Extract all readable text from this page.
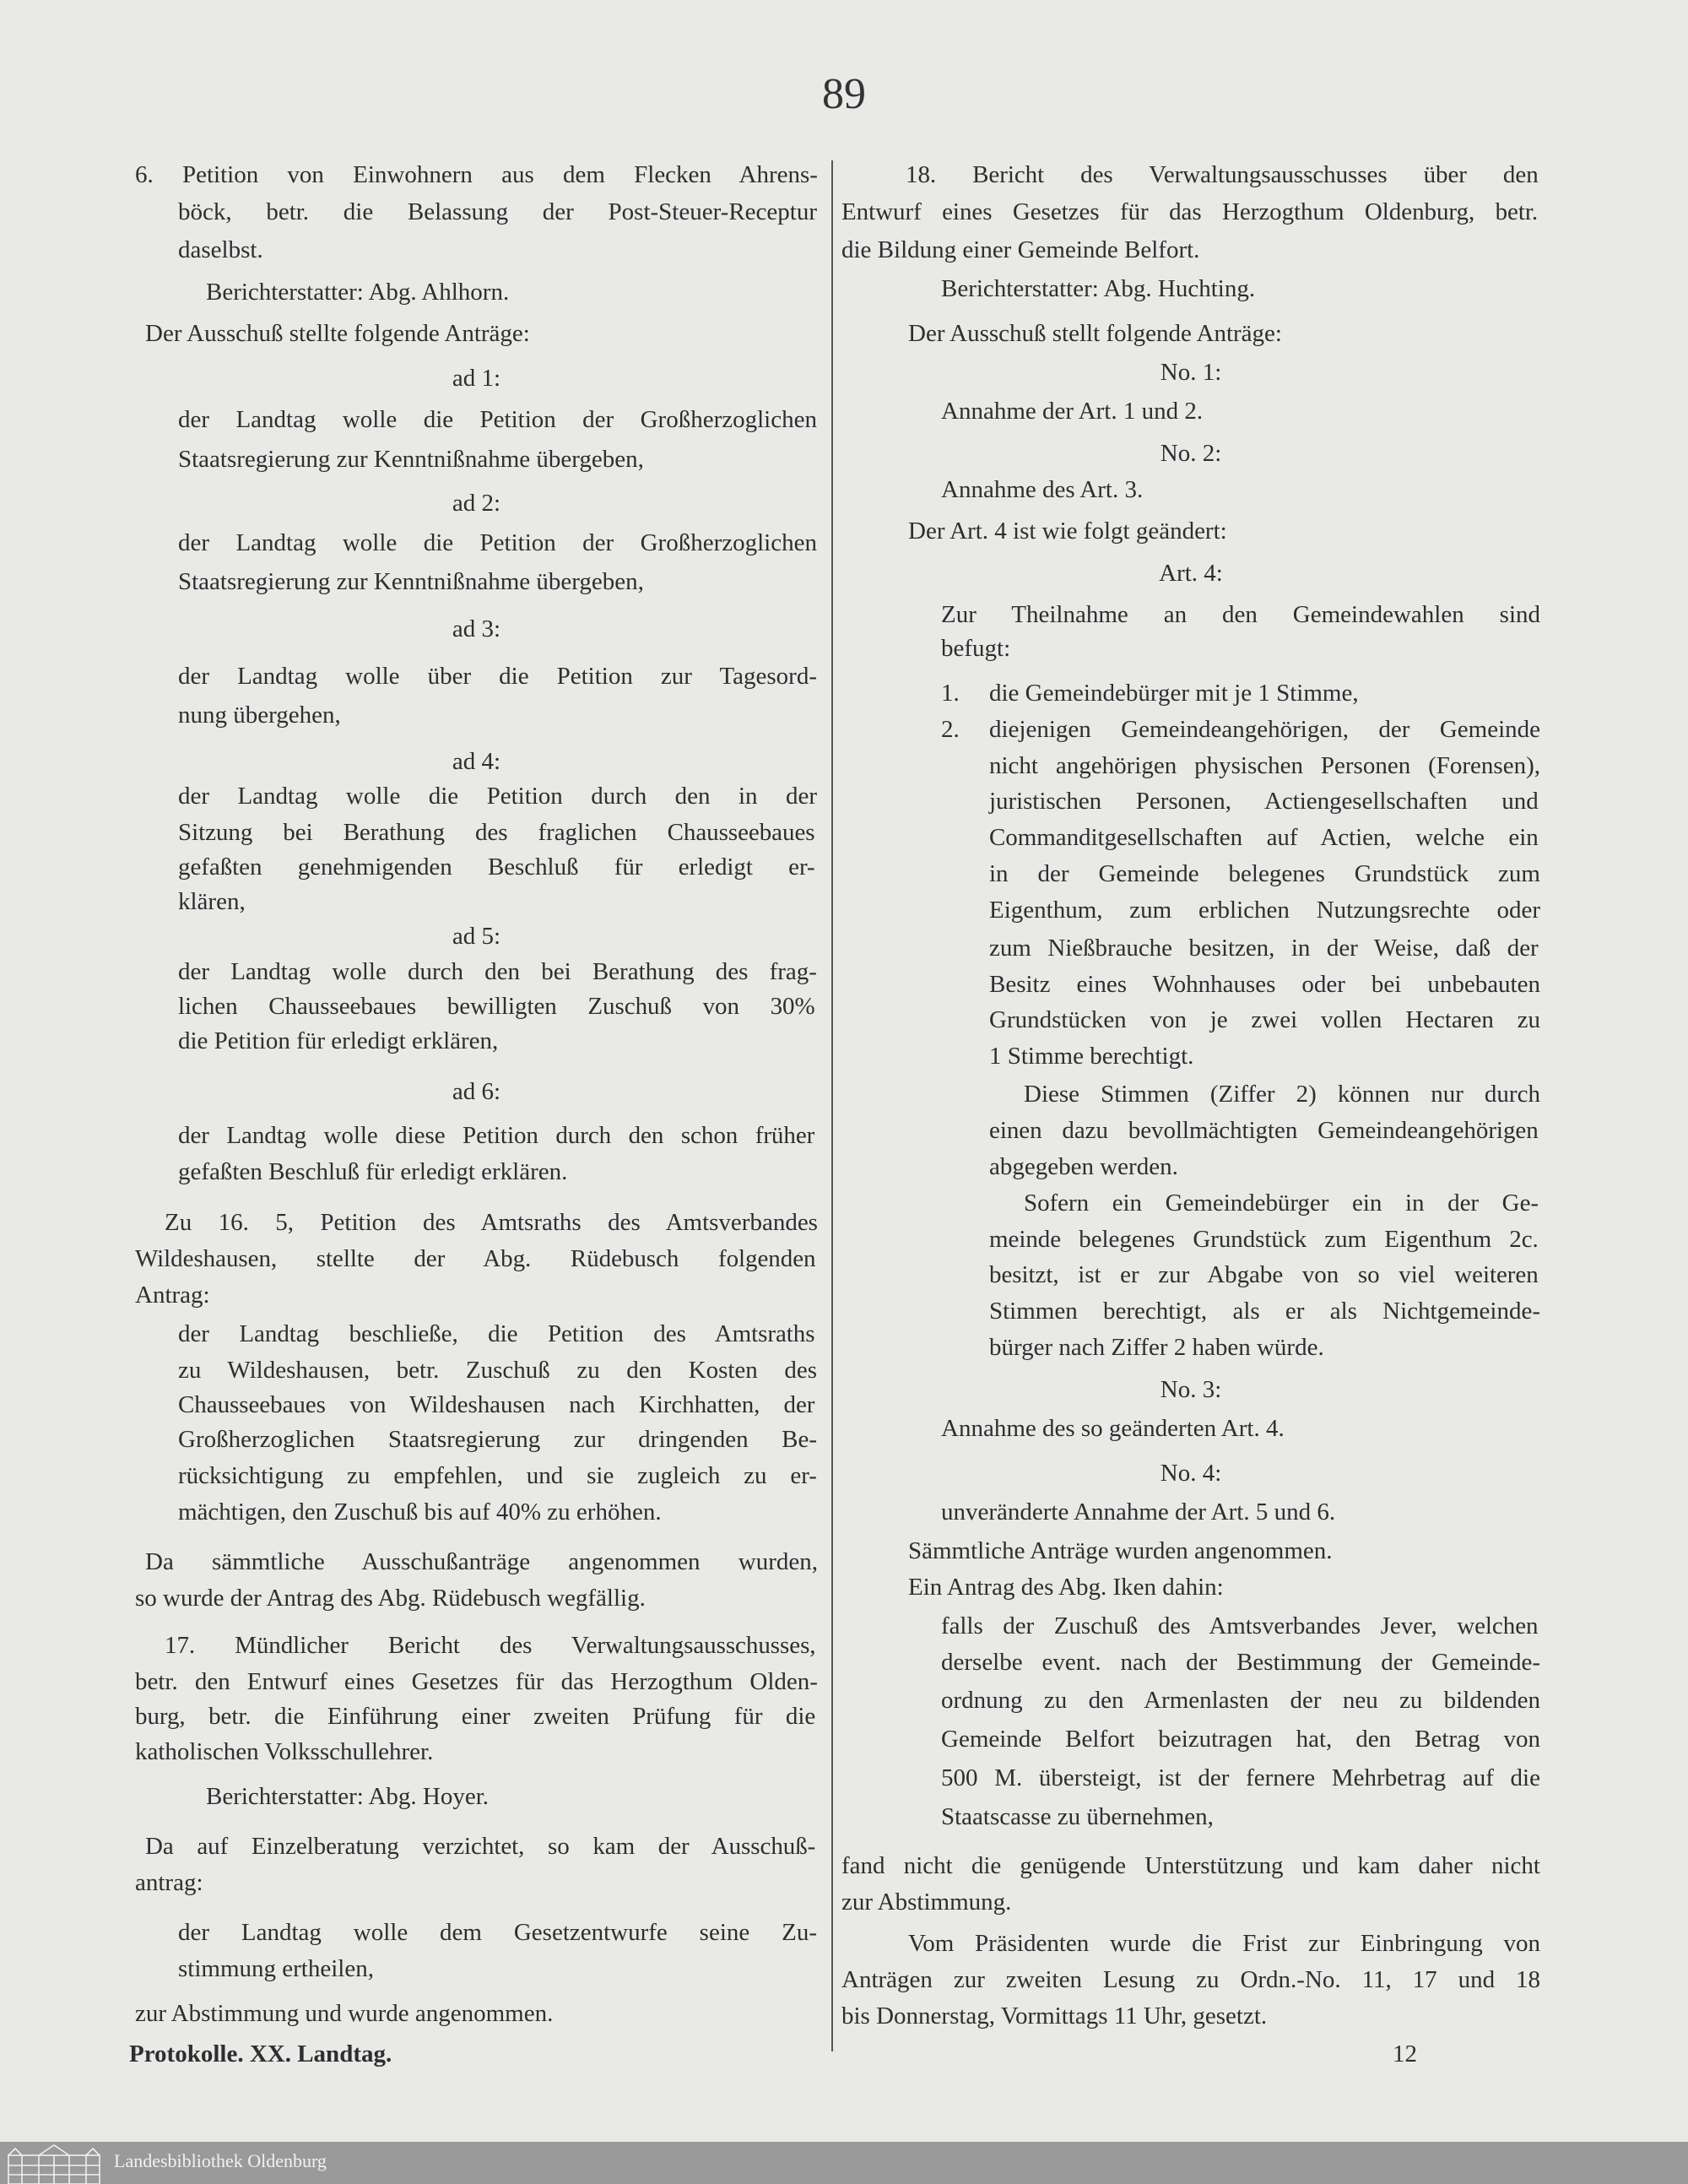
89
6. Petition von Einwohnern aus dem Flecken Ahrens-
böck, betr. die Belassung der Post-Steuer-Receptur
daselbst.
Berichterstatter: Abg. Ahlhorn.
Der Ausschuß stellte folgende Anträge:
ad 1:
der Landtag wolle die Petition der Großherzoglichen
Staatsregierung zur Kenntnißnahme übergeben,
ad 2:
der Landtag wolle die Petition der Großherzoglichen
Staatsregierung zur Kenntnißnahme übergeben,
ad 3:
der Landtag wolle über die Petition zur Tagesord-
nung übergehen,
ad 4:
der Landtag wolle die Petition durch den in der
Sitzung bei Berathung des fraglichen Chausseebaues
gefaßten genehmigenden Beschluß für erledigt er-
klären,
ad 5:
der Landtag wolle durch den bei Berathung des frag-
lichen Chausseebaues bewilligten Zuschuß von 30%
die Petition für erledigt erklären,
ad 6:
der Landtag wolle diese Petition durch den schon früher
gefaßten Beschluß für erledigt erklären.
Zu 16. 5, Petition des Amtsraths des Amtsverbandes
Wildeshausen, stellte der Abg. Rüdebusch folgenden
Antrag:
der Landtag beschließe, die Petition des Amtsraths
zu Wildeshausen, betr. Zuschuß zu den Kosten des
Chausseebaues von Wildeshausen nach Kirchhatten, der
Großherzoglichen Staatsregierung zur dringenden Be-
rücksichtigung zu empfehlen, und sie zugleich zu er-
mächtigen, den Zuschuß bis auf 40% zu erhöhen.
Da sämmtliche Ausschußanträge angenommen wurden,
so wurde der Antrag des Abg. Rüdebusch wegfällig.
17. Mündlicher Bericht des Verwaltungsausschusses,
betr. den Entwurf eines Gesetzes für das Herzogthum Olden-
burg, betr. die Einführung einer zweiten Prüfung für die
katholischen Volksschullehrer.
Berichterstatter: Abg. Hoyer.
Da auf Einzelberatung verzichtet, so kam der Ausschuß-
antrag:
der Landtag wolle dem Gesetzentwurfe seine Zu-
stimmung ertheilen,
zur Abstimmung und wurde angenommen.
18. Bericht des Verwaltungsausschusses über den
Entwurf eines Gesetzes für das Herzogthum Oldenburg, betr.
die Bildung einer Gemeinde Belfort.
Berichterstatter: Abg. Huchting.
Der Ausschuß stellt folgende Anträge:
No. 1:
Annahme der Art. 1 und 2.
No. 2:
Annahme des Art. 3.
Der Art. 4 ist wie folgt geändert:
Art. 4:
Zur Theilnahme an den Gemeindewahlen sind
befugt:
1. die Gemeindebürger mit je 1 Stimme,
2. diejenigen Gemeindeangehörigen, der Gemeinde
nicht angehörigen physischen Personen (Forensen),
juristischen Personen, Actiengesellschaften und
Commanditgesellschaften auf Actien, welche ein
in der Gemeinde belegenes Grundstück zum
Eigenthum, zum erblichen Nutzungsrechte oder
zum Nießbrauche besitzen, in der Weise, daß der
Besitz eines Wohnhauses oder bei unbebauten
Grundstücken von je zwei vollen Hectaren zu
1 Stimme berechtigt.
Diese Stimmen (Ziffer 2) können nur durch
einen dazu bevollmächtigten Gemeindeangehörigen
abgegeben werden.
Sofern ein Gemeindebürger ein in der Ge-
meinde belegenes Grundstück zum Eigenthum 2c.
besitzt, ist er zur Abgabe von so viel weiteren
Stimmen berechtigt, als er als Nichtgemeinde-
bürger nach Ziffer 2 haben würde.
No. 3:
Annahme des so geänderten Art. 4.
No. 4:
unveränderte Annahme der Art. 5 und 6.
Sämmtliche Anträge wurden angenommen.
Ein Antrag des Abg. Iken dahin:
falls der Zuschuß des Amtsverbandes Jever, welchen
derselbe event. nach der Bestimmung der Gemeinde-
ordnung zu den Armenlasten der neu zu bildenden
Gemeinde Belfort beizutragen hat, den Betrag von
500 M. übersteigt, ist der fernere Mehrbetrag auf die
Staatscasse zu übernehmen,
fand nicht die genügende Unterstützung und kam daher nicht
zur Abstimmung.
Vom Präsidenten wurde die Frist zur Einbringung von
Anträgen zur zweiten Lesung zu Ordn.-No. 11, 17 und 18
bis Donnerstag, Vormittags 11 Uhr, gesetzt.
Protokolle. XX. Landtag.	12
Landesbibliothek Oldenburg
